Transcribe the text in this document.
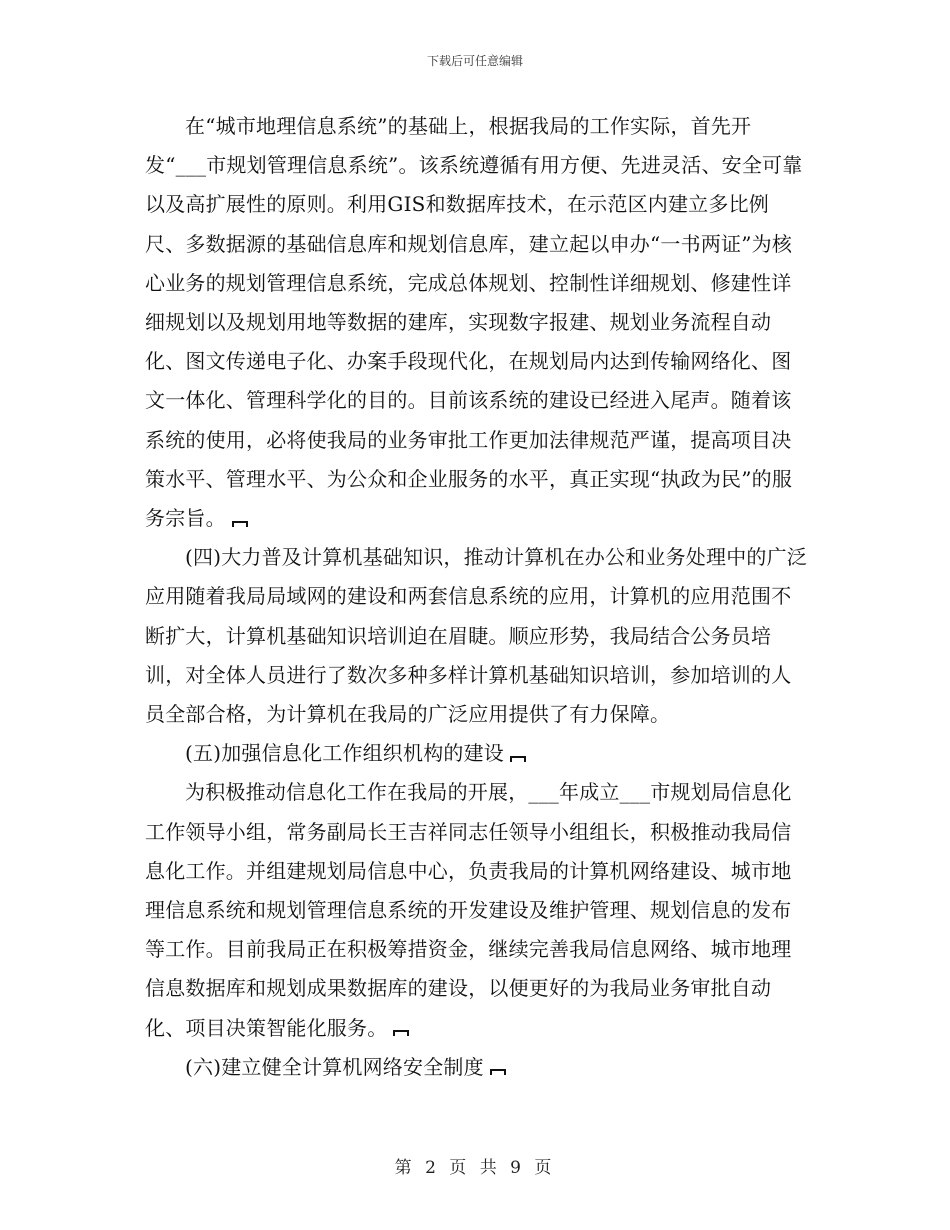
下载后可任意编辑

在“城市地理信息系统”的基础上，根据我局的工作实际，首先开发“___市规划管理信息系统”。该系统遵循有用方便、先进灵活、安全可靠以及高扩展性的原则。利用GIS和数据库技术，在示范区内建立多比例尺、多数据源的基础信息库和规划信息库，建立起以申办“一书两证”为核心业务的规划管理信息系统，完成总体规划、控制性详细规划、修建性详细规划以及规划用地等数据的建库，实现数字报建、规划业务流程自动化、图文传递电子化、办案手段现代化，在规划局内达到传输网络化、图文一体化、管理科学化的目的。目前该系统的建设已经进入尾声。随着该系统的使用，必将使我局的业务审批工作更加法律规范严谨，提高项目决策水平、管理水平、为公众和企业服务的水平，真正实现“执政为民”的服务宗旨。

(四)大力普及计算机基础知识，推动计算机在办公和业务处理中的广泛应用随着我局局域网的建设和两套信息系统的应用，计算机的应用范围不断扩大，计算机基础知识培训迫在眉睫。顺应形势，我局结合公务员培训，对全体人员进行了数次多种多样计算机基础知识培训，参加培训的人员全部合格，为计算机在我局的广泛应用提供了有力保障。

(五)加强信息化工作组织机构的建设

为积极推动信息化工作在我局的开展，___年成立___市规划局信息化工作领导小组，常务副局长王吉祥同志任领导小组组长，积极推动我局信息化工作。并组建规划局信息中心，负责我局的计算机网络建设、城市地理信息系统和规划管理信息系统的开发建设及维护管理、规划信息的发布等工作。目前我局正在积极筹措资金，继续完善我局信息网络、城市地理信息数据库和规划成果数据库的建设，以便更好的为我局业务审批自动化、项目决策智能化服务。

(六)建立健全计算机网络安全制度

第 2 页 共 9 页
